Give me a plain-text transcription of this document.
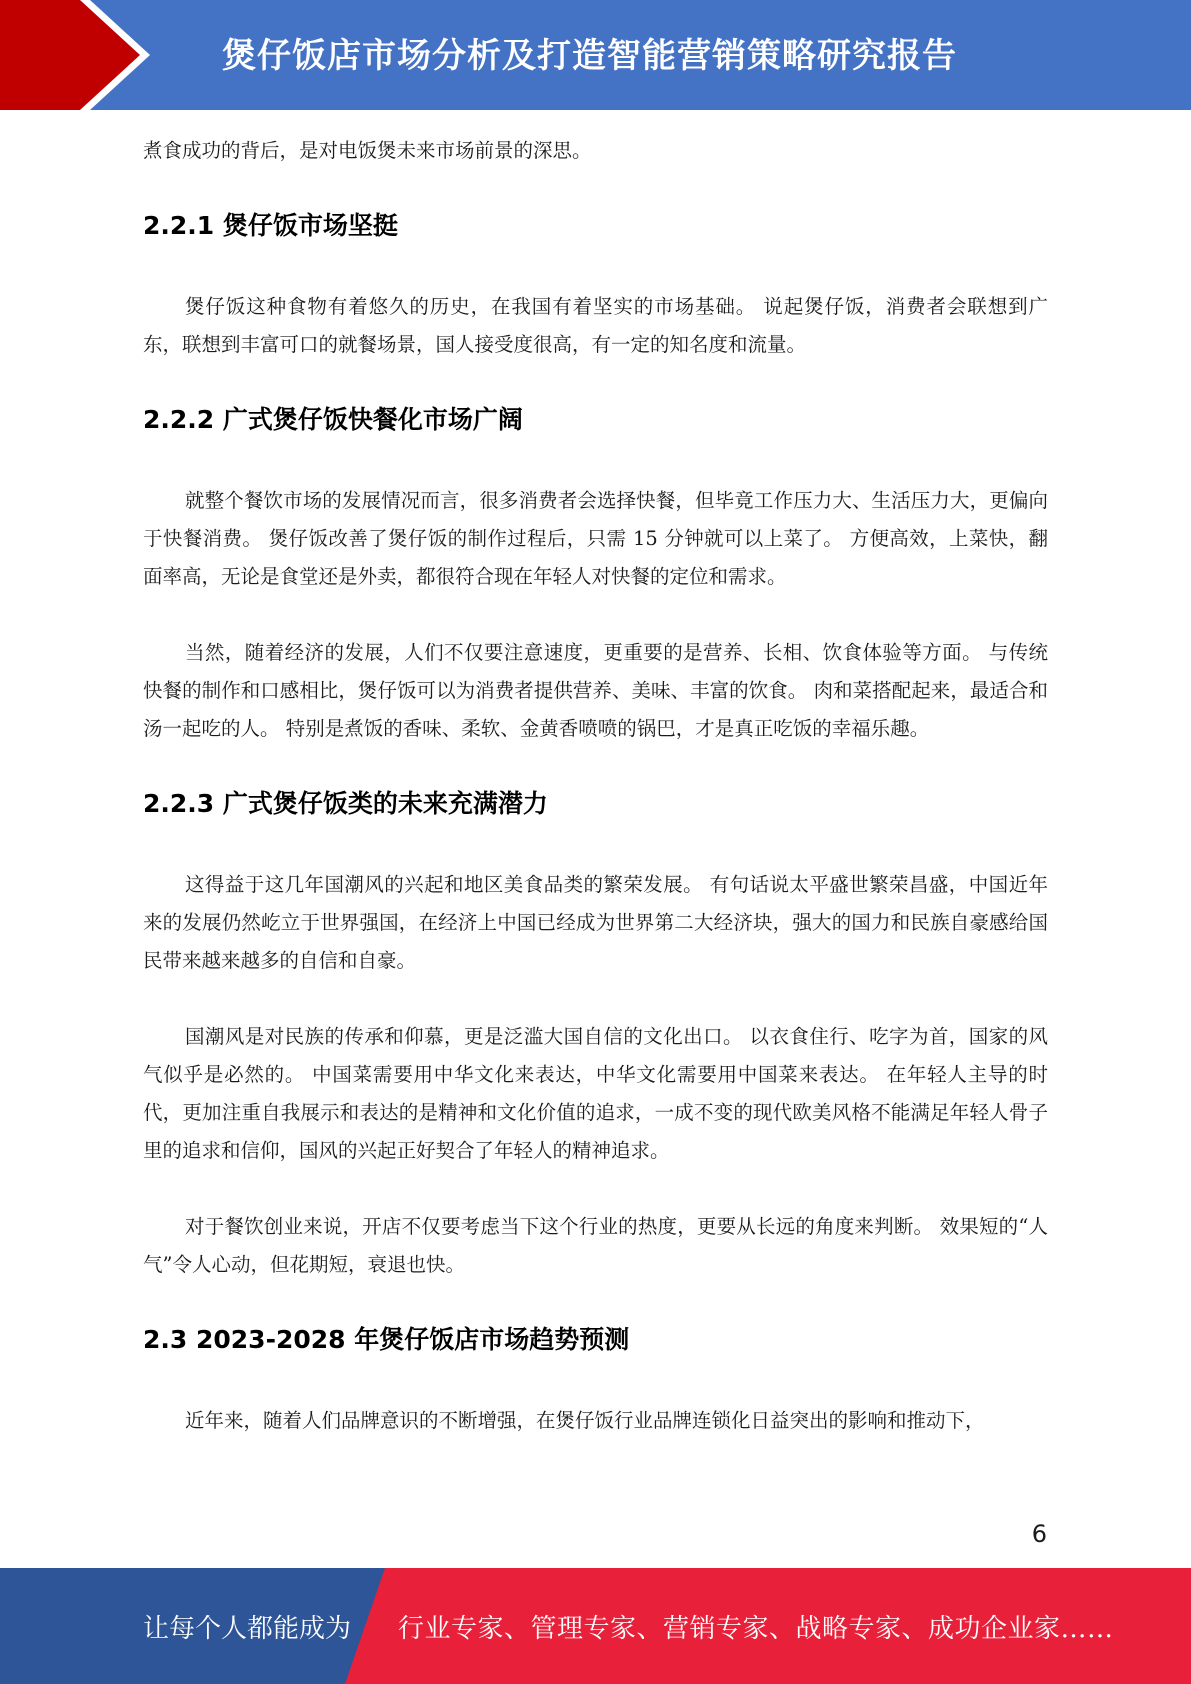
煲仔饭店市场分析及打造智能营销策略研究报告

煮食成功的背后，是对电饭煲未来市场前景的深思。

2.2.1 煲仔饭市场坚挺

煲仔饭这种食物有着悠久的历史，在我国有着坚实的市场基础。 说起煲仔饭，消费者会联想到广东，联想到丰富可口的就餐场景，国人接受度很高，有一定的知名度和流量。

2.2.2 广式煲仔饭快餐化市场广阔

就整个餐饮市场的发展情况而言，很多消费者会选择快餐，但毕竟工作压力大、生活压力大，更偏向于快餐消费。 煲仔饭改善了煲仔饭的制作过程后，只需 15 分钟就可以上菜了。 方便高效，上菜快，翻面率高，无论是食堂还是外卖，都很符合现在年轻人对快餐的定位和需求。

当然，随着经济的发展，人们不仅要注意速度，更重要的是营养、长相、饮食体验等方面。 与传统快餐的制作和口感相比，煲仔饭可以为消费者提供营养、美味、丰富的饮食。 肉和菜搭配起来，最适合和汤一起吃的人。 特别是煮饭的香味、柔软、金黄香喷喷的锅巴，才是真正吃饭的幸福乐趣。

2.2.3 广式煲仔饭类的未来充满潜力

这得益于这几年国潮风的兴起和地区美食品类的繁荣发展。 有句话说太平盛世繁荣昌盛，中国近年来的发展仍然屹立于世界强国，在经济上中国已经成为世界第二大经济块，强大的国力和民族自豪感给国民带来越来越多的自信和自豪。

国潮风是对民族的传承和仰慕，更是泛滥大国自信的文化出口。 以衣食住行、吃字为首，国家的风气似乎是必然的。 中国菜需要用中华文化来表达，中华文化需要用中国菜来表达。 在年轻人主导的时代，更加注重自我展示和表达的是精神和文化价值的追求，一成不变的现代欧美风格不能满足年轻人骨子里的追求和信仰，国风的兴起正好契合了年轻人的精神追求。

对于餐饮创业来说，开店不仅要考虑当下这个行业的热度，更要从长远的角度来判断。 效果短的“人气”令人心动，但花期短，衰退也快。

2.3 2023-2028 年煲仔饭店市场趋势预测

近年来，随着人们品牌意识的不断增强，在煲仔饭行业品牌连锁化日益突出的影响和推动下，

6
让每个人都能成为 行业专家、管理专家、营销专家、战略专家、成功企业家……
